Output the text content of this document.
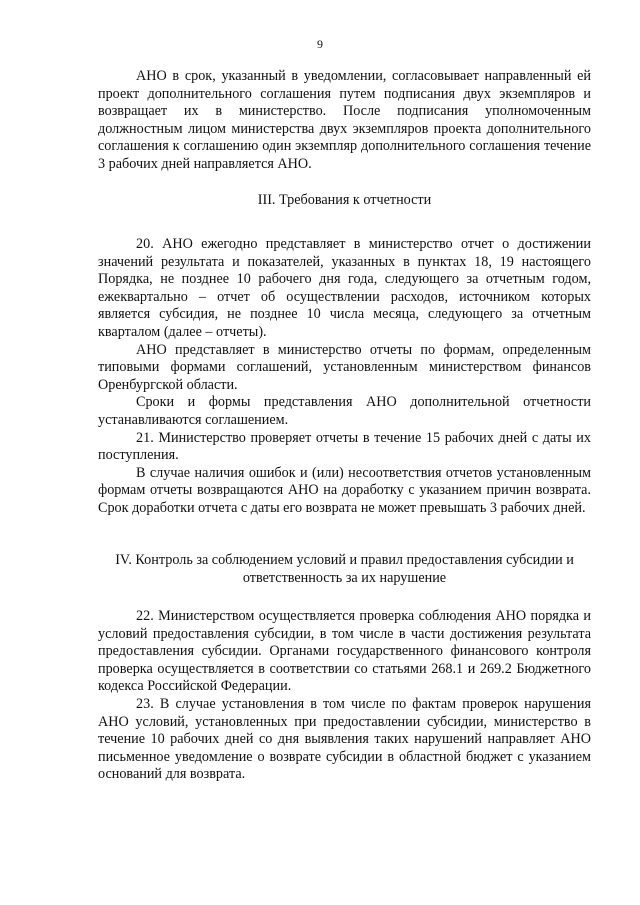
9

АНО в срок, указанный в уведомлении, согласовывает направленный ей проект дополнительного соглашения путем подписания двух экземпляров и возвращает их в министерство. После подписания уполномоченным должностным лицом министерства двух экземпляров проекта дополнительного соглашения к соглашению один экземпляр дополнительного соглашения течение 3 рабочих дней направляется АНО.

III. Требования к отчетности

20. АНО ежегодно представляет в министерство отчет о достижении значений результата и показателей, указанных в пунктах 18, 19 настоящего Порядка, не позднее 10 рабочего дня года, следующего за отчетным годом, ежеквартально – отчет об осуществлении расходов, источником которых является субсидия, не позднее 10 числа месяца, следующего за отчетным кварталом (далее – отчеты).

АНО представляет в министерство отчеты по формам, определенным типовыми формами соглашений, установленным министерством финансов Оренбургской области.

Сроки и формы представления АНО дополнительной отчетности устанавливаются соглашением.

21. Министерство проверяет отчеты в течение 15 рабочих дней с даты их поступления.

В случае наличия ошибок и (или) несоответствия отчетов установленным формам отчеты возвращаются АНО на доработку с указанием причин возврата. Срок доработки отчета с даты его возврата не может превышать 3 рабочих дней.

IV. Контроль за соблюдением условий и правил предоставления субсидии и
ответственность за их нарушение

22. Министерством осуществляется проверка соблюдения АНО порядка и условий предоставления субсидии, в том числе в части достижения результата предоставления субсидии. Органами государственного финансового контроля проверка осуществляется в соответствии со статьями 268.1 и 269.2 Бюджетного кодекса Российской Федерации.

23. В случае установления в том числе по фактам проверок нарушения АНО условий, установленных при предоставлении субсидии, министерство в течение 10 рабочих дней со дня выявления таких нарушений направляет АНО письменное уведомление о возврате субсидии в областной бюджет с указанием оснований для возврата.
